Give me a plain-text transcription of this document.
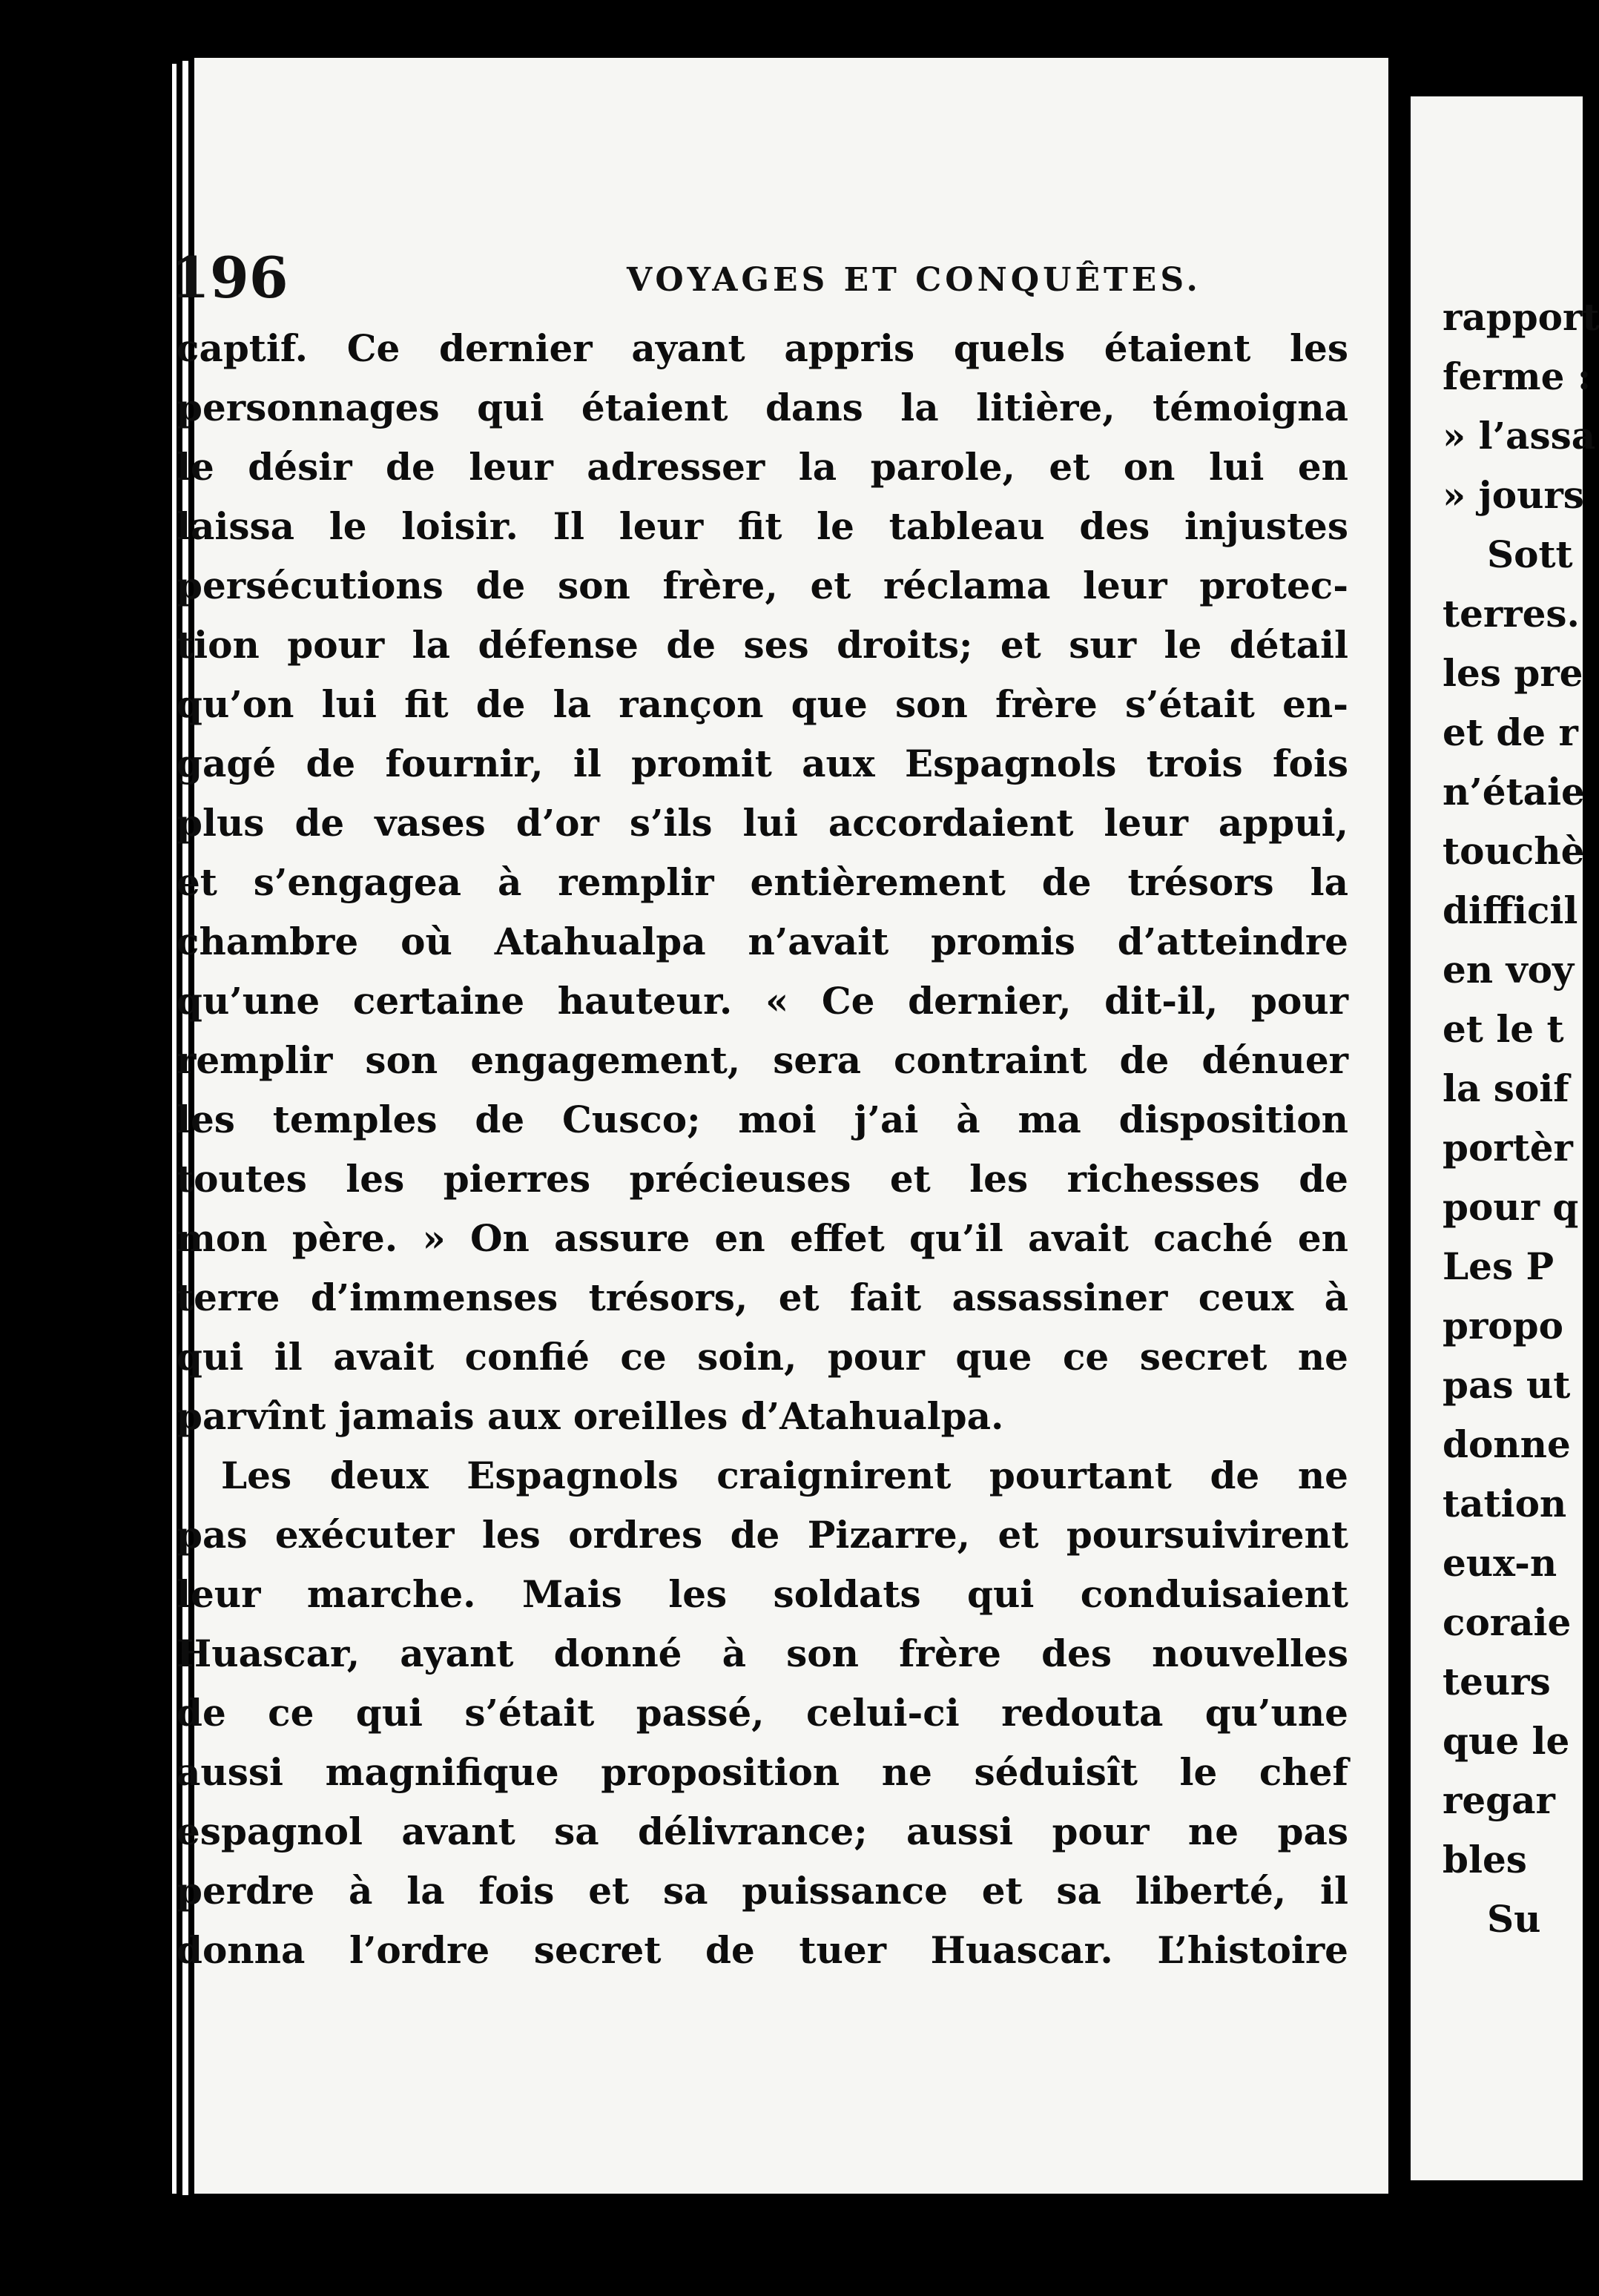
196	VOYAGES ET CONQUÊTES.
captif. Ce dernier ayant appris quels étaient les
personnages qui étaient dans la litière, témoigna
le désir de leur adresser la parole, et on lui en
laissa le loisir. Il leur fit le tableau des injustes
persécutions de son frère, et réclama leur protec-
tion pour la défense de ses droits; et sur le détail
qu’on lui fit de la rançon que son frère s’était en-
gagé de fournir, il promit aux Espagnols trois fois
plus de vases d’or s’ils lui accordaient leur appui,
et s’engagea à remplir entièrement de trésors la
chambre où Atahualpa n’avait promis d’atteindre
qu’une certaine hauteur. « Ce dernier, dit-il, pour
remplir son engagement, sera contraint de dénuer
les temples de Cusco; moi j’ai à ma disposition
toutes les pierres précieuses et les richesses de
mon père. » On assure en effet qu’il avait caché en
terre d’immenses trésors, et fait assassiner ceux à
qui il avait confié ce soin, pour que ce secret ne
parvînt jamais aux oreilles d’Atahualpa.
Les deux Espagnols craignirent pourtant de ne
pas exécuter les ordres de Pizarre, et poursuivirent
leur marche. Mais les soldats qui conduisaient
Huascar, ayant donné à son frère des nouvelles
de ce qui s’était passé, celui-ci redouta qu’une
aussi magnifique proposition ne séduisît le chef
espagnol avant sa délivrance; aussi pour ne pas
perdre à la fois et sa puissance et sa liberté, il
donna l’ordre secret de tuer Huascar. L’histoire
rapport
ferme :
» l’assa
» jours
Sott
terres.
les pre
et de r
n’étaie
touchè
difficil
en voy
et le t
la soif
portèr
pour q
Les P
propo
pas ut
donne
tation
eux-n
coraie
teurs
que le
regar
bles
Su
